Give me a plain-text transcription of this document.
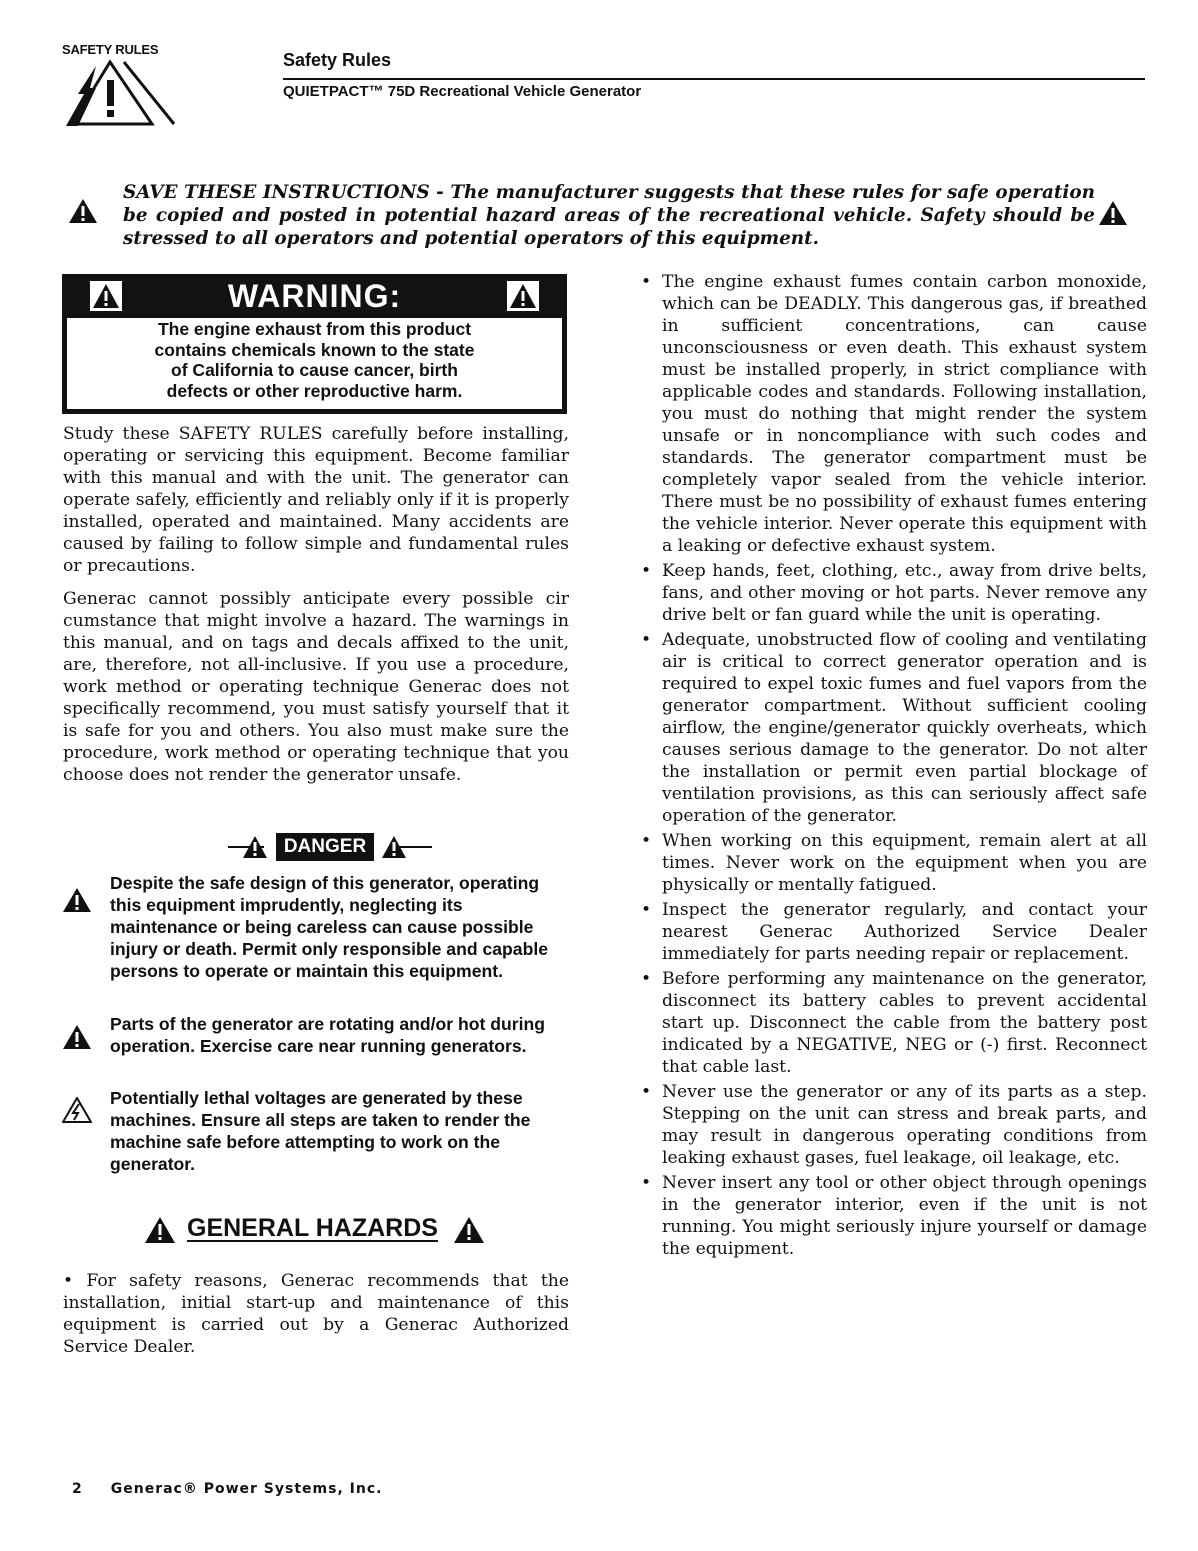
SAFETY RULES
Safety Rules
QUIETPACT™ 75D Recreational Vehicle Generator
SAVE THESE INSTRUCTIONS - The manufacturer suggests that these rules for safe operation be copied and posted in potential hazard areas of the recreational vehicle. Safety should be stressed to all operators and potential operators of this equipment.
WARNING:
The engine exhaust from this product
contains chemicals known to the state
of California to cause cancer, birth
defects or other reproductive harm.
Study these SAFETY RULES carefully before installing, operating or servicing this equipment. Become familiar with this manual and with the unit. The generator can operate safely, efficiently and reliably only if it is properly installed, operated and maintained. Many accidents are caused by failing to follow simple and fundamental rules or precautions.
Generac cannot possibly anticipate every possible cir cumstance that might involve a hazard. The warnings in this manual, and on tags and decals affixed to the unit, are, therefore, not all-inclusive. If you use a procedure, work method or operating technique Generac does not specifically recommend, you must satisfy yourself that it is safe for you and others. You also must make sure the procedure, work method or operating technique that you choose does not render the generator unsafe.
DANGER
Despite the safe design of this generator, operating this equipment imprudently, neglecting its maintenance or being careless can cause possible injury or death. Permit only responsible and capable persons to operate or maintain this equipment.
Parts of the generator are rotating and/or hot during operation. Exercise care near running generators.
Potentially lethal voltages are generated by these machines. Ensure all steps are taken to render the machine safe before attempting to work on the generator.
GENERAL HAZARDS
• For safety reasons, Generac recommends that the installation, initial start-up and maintenance of this equipment is carried out by a Generac Authorized Service Dealer.
• The engine exhaust fumes contain carbon monoxide, which can be DEADLY. This dangerous gas, if breathed in sufficient concentrations, can cause unconsciousness or even death. This exhaust system must be installed properly, in strict compliance with applicable codes and standards. Following installation, you must do nothing that might render the system unsafe or in noncompliance with such codes and standards. The generator compartment must be completely vapor sealed from the vehicle interior. There must be no possibility of exhaust fumes entering the vehicle interior. Never operate this equipment with a leaking or defective exhaust system.
• Keep hands, feet, clothing, etc., away from drive belts, fans, and other moving or hot parts. Never remove any drive belt or fan guard while the unit is operating.
• Adequate, unobstructed flow of cooling and ventilating air is critical to correct generator operation and is required to expel toxic fumes and fuel vapors from the generator compartment. Without sufficient cooling airflow, the engine/generator quickly overheats, which causes serious damage to the generator. Do not alter the installation or permit even partial blockage of ventilation provisions, as this can seriously affect safe operation of the generator.
• When working on this equipment, remain alert at all times. Never work on the equipment when you are physically or mentally fatigued.
• Inspect the generator regularly, and contact your nearest Generac Authorized Service Dealer immediately for parts needing repair or replacement.
• Before performing any maintenance on the generator, disconnect its battery cables to prevent accidental start up. Disconnect the cable from the battery post indicated by a NEGATIVE, NEG or (-) first. Reconnect that cable last.
• Never use the generator or any of its parts as a step. Stepping on the unit can stress and break parts, and may result in dangerous operating conditions from leaking exhaust gases, fuel leakage, oil leakage, etc.
• Never insert any tool or other object through openings in the generator interior, even if the unit is not running. You might seriously injure yourself or damage the equipment.
2 Generac® Power Systems, Inc.
